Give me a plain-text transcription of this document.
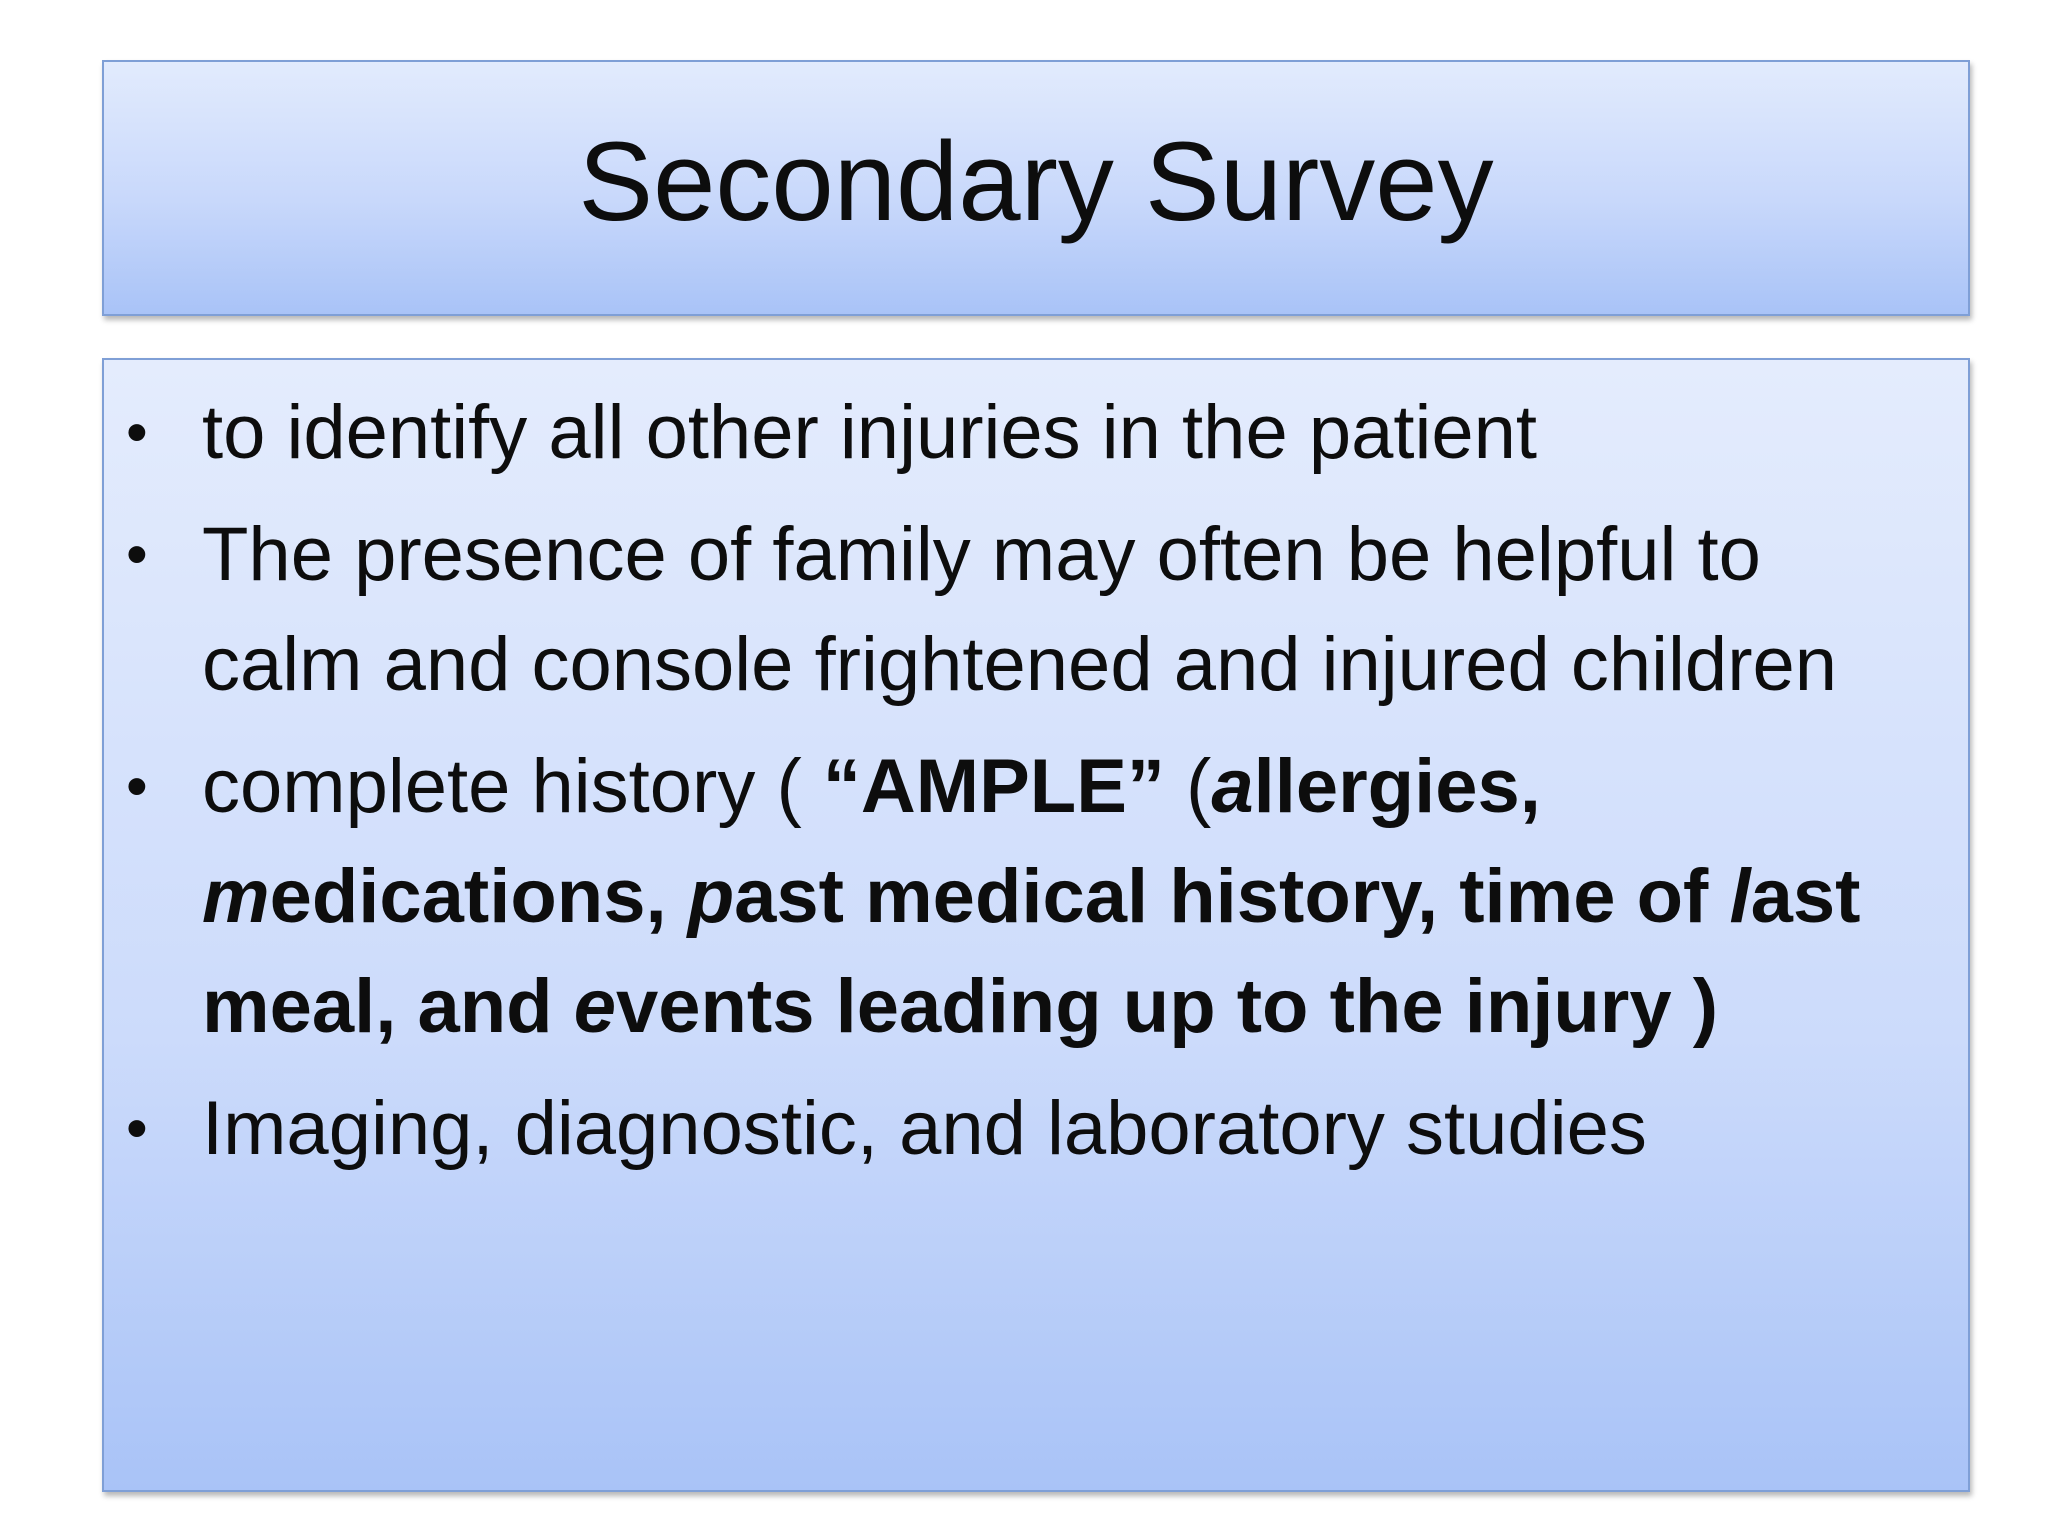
Secondary Survey
• to identify all other injuries in the patient
• The presence of family may often be helpful to calm and console frightened and injured children
• complete history ( “AMPLE” (allergies, medications, past medical history, time of last meal, and events leading up to the injury )
• Imaging, diagnostic, and laboratory studies
